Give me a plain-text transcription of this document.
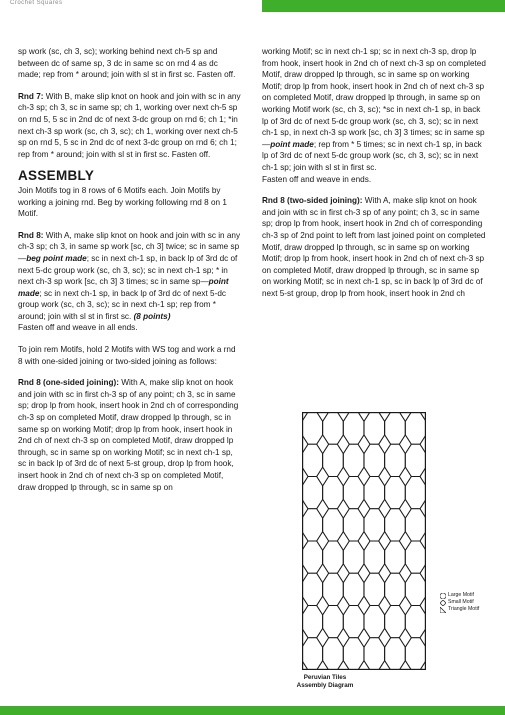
Crochet Squares

sp work (sc, ch 3, sc); working behind next ch-5 sp and between dc of same sp, 3 dc in same sc on rnd 4 as dc made; rep from * around; join with sl st in first sc. Fasten off.

Rnd 7: With B, make slip knot on hook and join with sc in any ch-3 sp; ch 3, sc in same sp; ch 1, working over next ch-5 sp on rnd 5, 5 sc in 2nd dc of next 3-dc group on rnd 6; ch 1; *in next ch-3 sp work (sc, ch 3, sc); ch 1, working over next ch-5 sp on rnd 5, 5 sc in 2nd dc of next 3-dc group on rnd 6; ch 1; rep from * around; join with sl st in first sc. Fasten off.

ASSEMBLY

Join Motifs tog in 8 rows of 6 Motifs each. Join Motifs by working a joining rnd. Beg by working following rnd 8 on 1 Motif.

Rnd 8: With A, make slip knot on hook and join with sc in any ch-3 sp; ch 3, in same sp work [sc, ch 3] twice; sc in same sp—beg point made; sc in next ch-1 sp, in back lp of 3rd dc of next 5-dc group work (sc, ch 3, sc); sc in next ch-1 sp; * in next ch-3 sp work [sc, ch 3] 3 times; sc in same sp—point made; sc in next ch-1 sp, in back lp of 3rd dc of next 5-dc group work (sc, ch 3, sc); sc in next ch-1 sp; rep from * around; join with sl st in first sc. (8 points)
Fasten off and weave in all ends.

To join rem Motifs, hold 2 Motifs with WS tog and work a rnd 8 with one-sided joining or two-sided joining as follows:

Rnd 8 (one-sided joining): With A, make slip knot on hook and join with sc in first ch-3 sp of any point; ch 3, sc in same sp; drop lp from hook, insert hook in 2nd ch of corresponding ch-3 sp on completed Motif, draw dropped lp through, sc in same sp on working Motif; drop lp from hook, insert hook in 2nd ch of next ch-3 sp on completed Motif, draw dropped lp through, sc in same sp on working Motif; sc in next ch-1 sp, sc in back lp of 3rd dc of next 5-st group, drop lp from hook, insert hook in 2nd ch of next ch-3 sp on completed Motif, draw dropped lp through, sc in same sp on

working Motif; sc in next ch-1 sp; sc in next ch-3 sp, drop lp from hook, insert hook in 2nd ch of next ch-3 sp on completed Motif, draw dropped lp through, sc in same sp on working Motif; drop lp from hook, insert hook in 2nd ch of next ch-3 sp on completed Motif, draw dropped lp through, in same sp on working Motif work (sc, ch 3, sc); *sc in next ch-1 sp, in back lp of 3rd dc of next 5-dc group work (sc, ch 3, sc); sc in next ch-1 sp, in next ch-3 sp work [sc, ch 3] 3 times; sc in same sp—point made; rep from * 5 times; sc in next ch-1 sp, in back lp of 3rd dc of next 5-dc group work (sc, ch 3, sc); sc in next ch-1 sp; join with sl st in first sc.
Fasten off and weave in ends.

Rnd 8 (two-sided joining): With A, make slip knot on hook and join with sc in first ch-3 sp of any point; ch 3, sc in same sp; drop lp from hook, insert hook in 2nd ch of corresponding ch-3 sp of 2nd point to left from last joined point on completed Motif, draw dropped lp through, sc in same sp on working Motif; drop lp from hook, insert hook in 2nd ch of next ch-3 sp on completed Motif, draw dropped lp through, sc in same sp on working Motif; sc in next ch-1 sp, sc in back lp of 3rd dc of next 5-st group, drop lp from hook, insert hook in 2nd ch

Large Motif
Small Motif
Triangle Motif
Peruvian Tiles
Assembly Diagram
